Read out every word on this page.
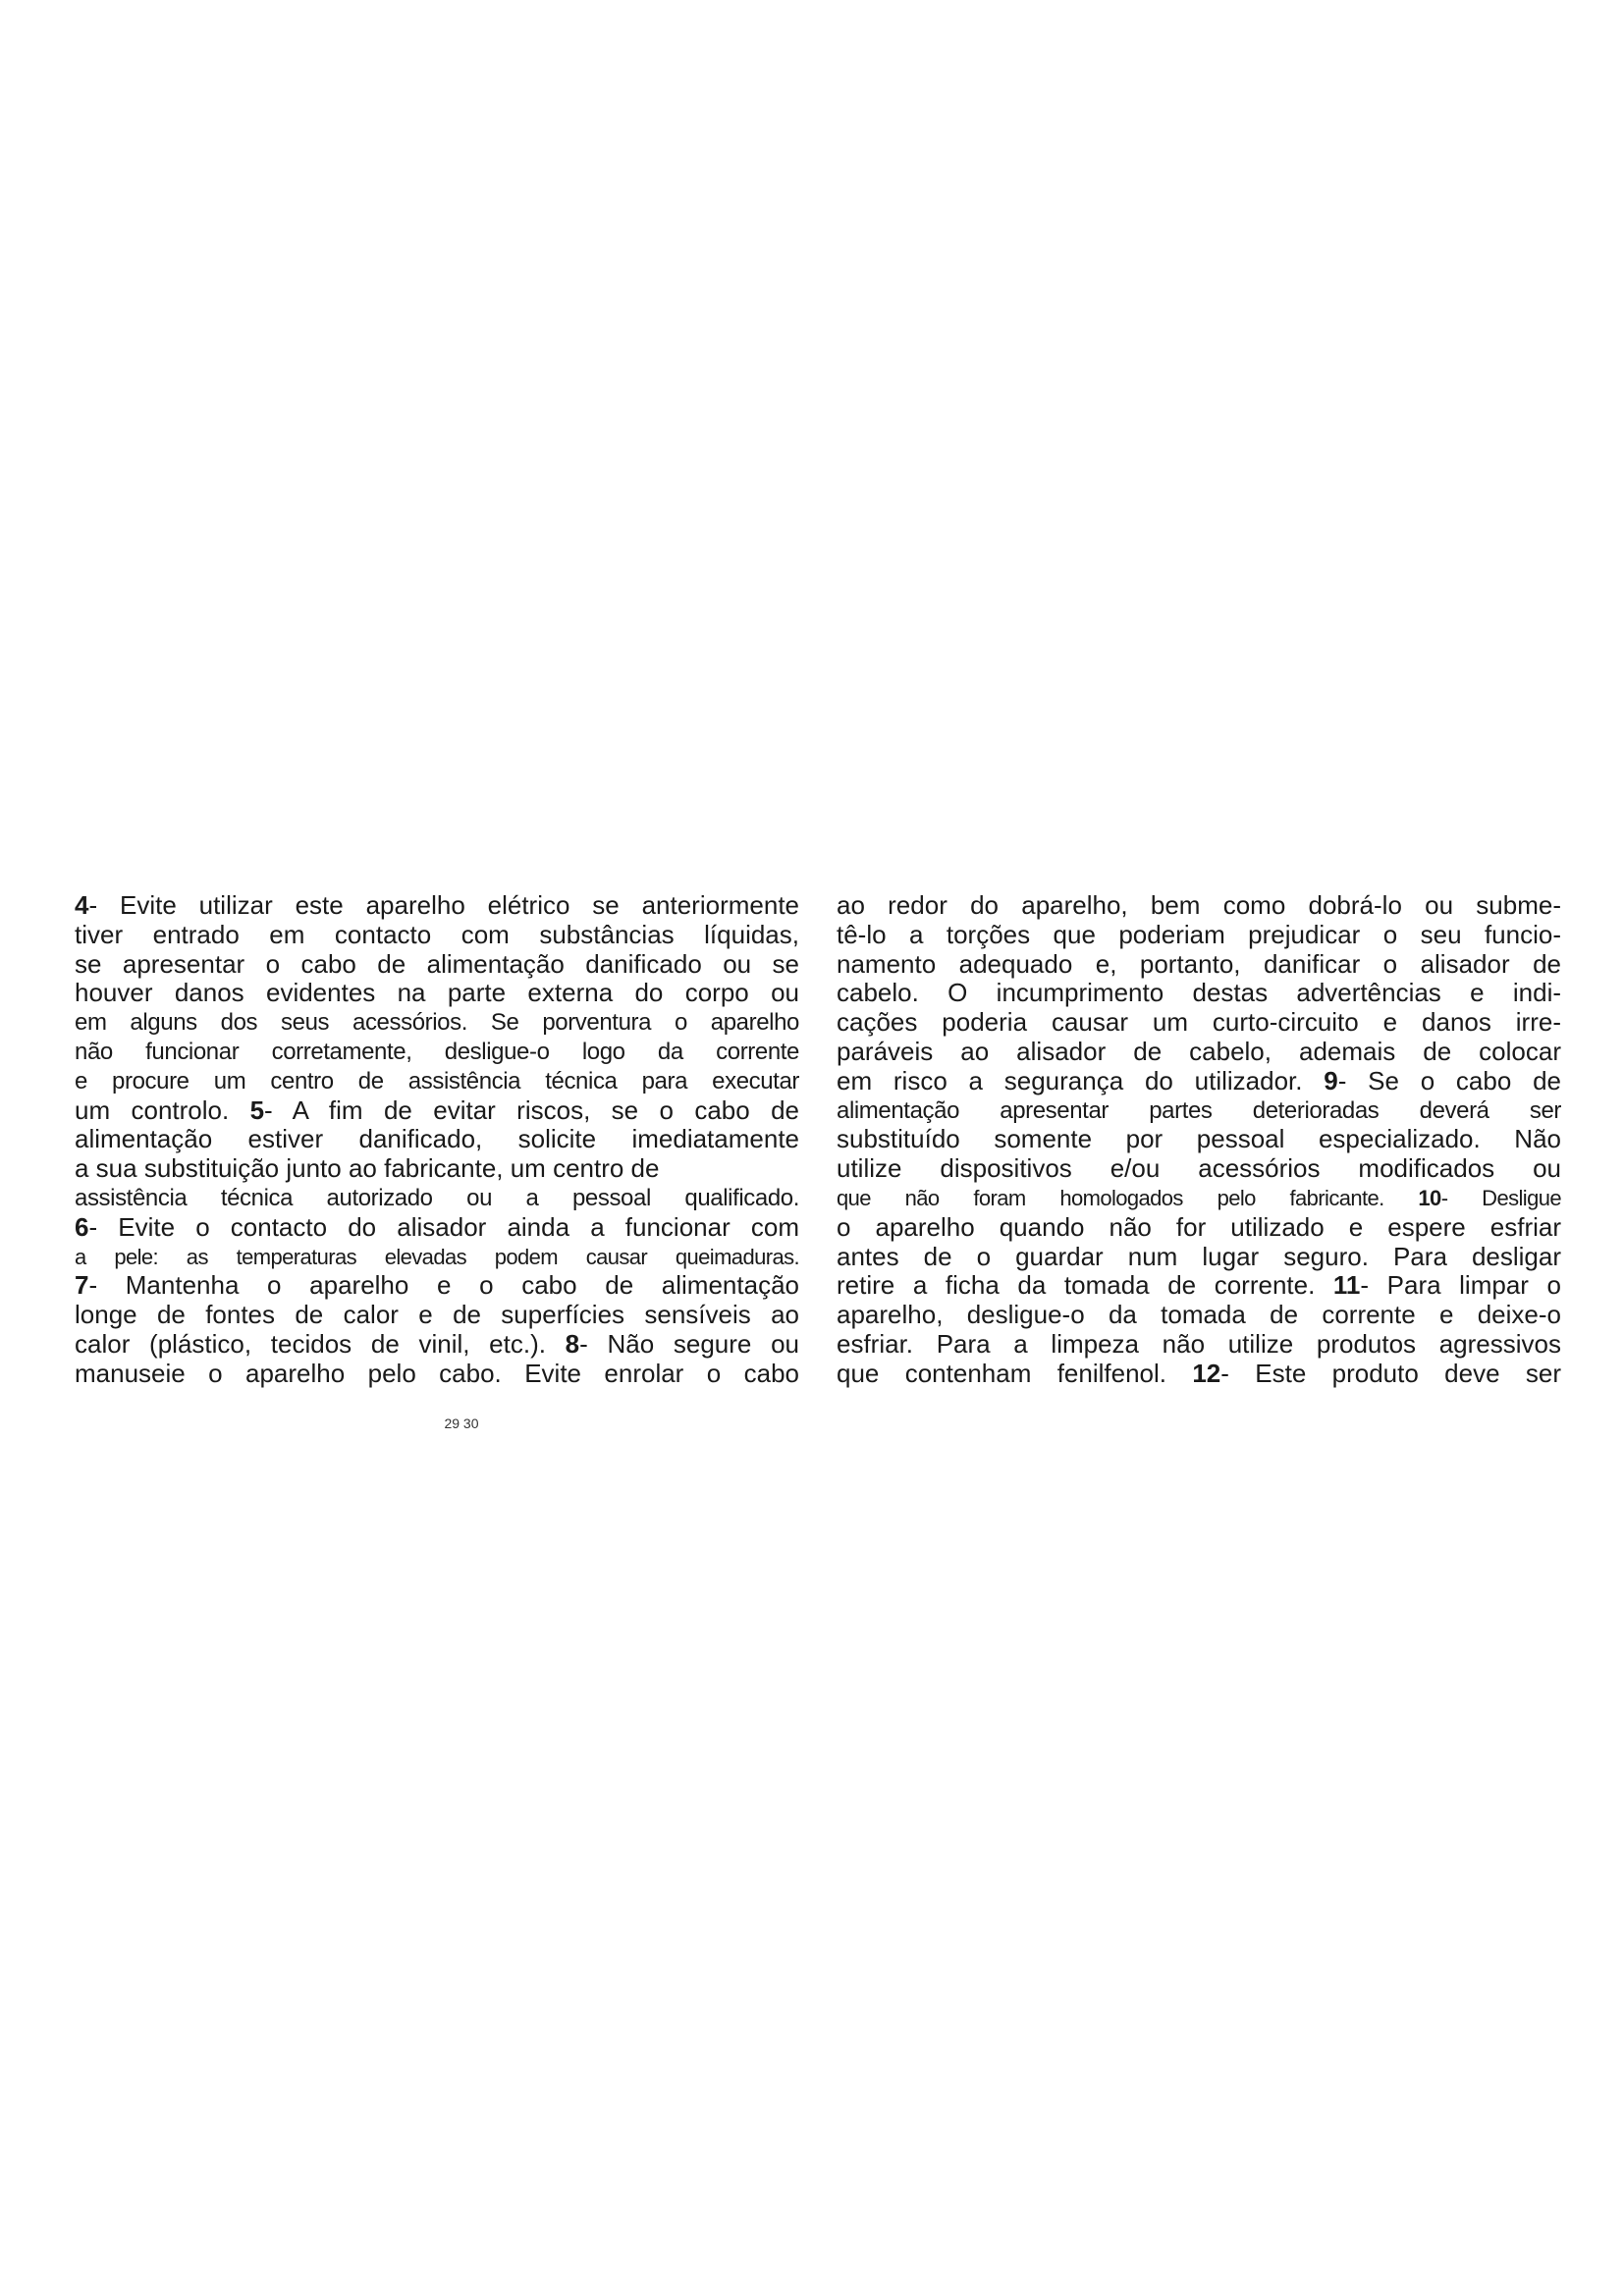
4- Evite utilizar este aparelho elétrico se anteriormente
tiver entrado em contacto com substâncias líquidas,
se apresentar o cabo de alimentação danificado ou se
houver danos evidentes na parte externa do corpo ou
em alguns dos seus acessórios. Se porventura o aparelho
não funcionar corretamente, desligue-o logo da corrente
e procure um centro de assistência técnica para executar
um controlo. 5- A fim de evitar riscos, se o cabo de
alimentação estiver danificado, solicite imediatamente
a sua substituição junto ao fabricante, um centro de
assistência técnica autorizado ou a pessoal qualificado.
6- Evite o contacto do alisador ainda a funcionar com
a pele: as temperaturas elevadas podem causar queimaduras.
7- Mantenha o aparelho e o cabo de alimentação
longe de fontes de calor e de superfícies sensíveis ao
calor (plástico, tecidos de vinil, etc.). 8- Não segure ou
manuseie o aparelho pelo cabo. Evite enrolar o cabo
ao redor do aparelho, bem como dobrá-lo ou subme-
tê-lo a torções que poderiam prejudicar o seu funcio-
namento adequado e, portanto, danificar o alisador de
cabelo. O incumprimento destas advertências e indi-
cações poderia causar um curto-circuito e danos irre-
paráveis ao alisador de cabelo, ademais de colocar
em risco a segurança do utilizador. 9- Se o cabo de
alimentação apresentar partes deterioradas deverá ser
substituído somente por pessoal especializado. Não
utilize dispositivos e/ou acessórios modificados ou
que não foram homologados pelo fabricante. 10- Desligue
o aparelho quando não for utilizado e espere esfriar
antes de o guardar num lugar seguro. Para desligar
retire a ficha da tomada de corrente. 11- Para limpar o
aparelho, desligue-o da tomada de corrente e deixe-o
esfriar. Para a limpeza não utilize produtos agressivos
que contenham fenilfenol. 12- Este produto deve ser
29 30
